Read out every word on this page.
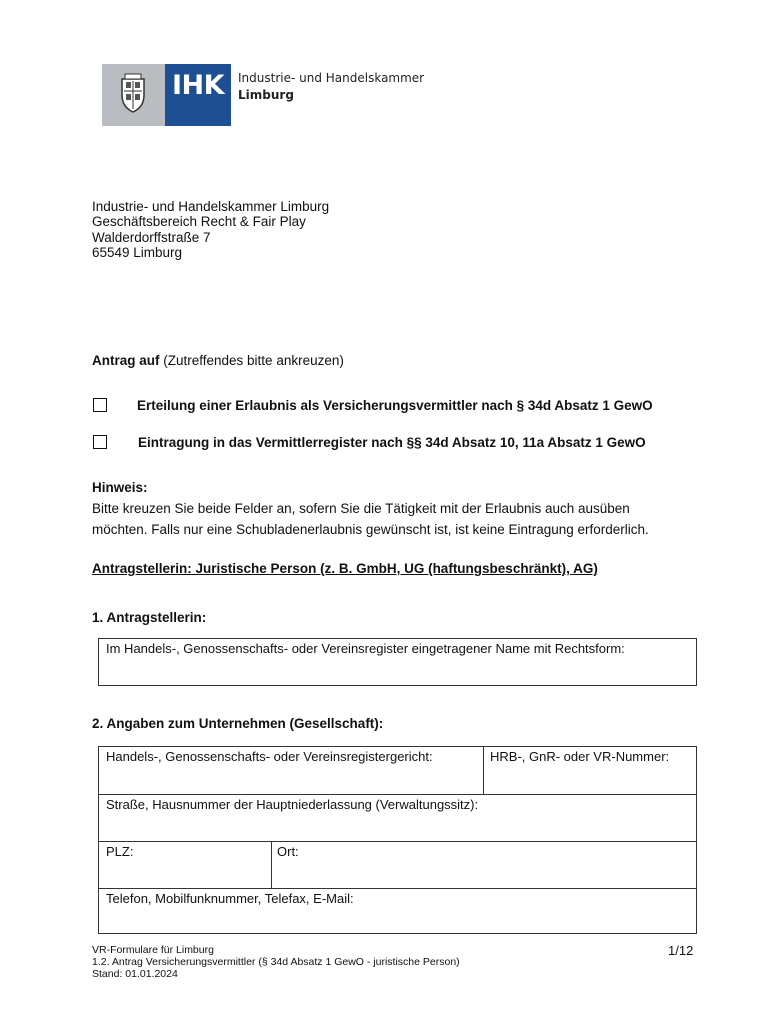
IHK	Industrie- und Handelskammer
Limburg
Industrie- und Handelskammer Limburg
Geschäftsbereich Recht & Fair Play
Walderdorffstraße 7
65549 Limburg
Antrag auf (Zutreffendes bitte ankreuzen)
Erteilung einer Erlaubnis als Versicherungsvermittler nach § 34d Absatz 1 GewO
Eintragung in das Vermittlerregister nach §§ 34d Absatz 10, 11a Absatz 1 GewO
Hinweis:
Bitte kreuzen Sie beide Felder an, sofern Sie die Tätigkeit mit der Erlaubnis auch ausüben
möchten. Falls nur eine Schubladenerlaubnis gewünscht ist, ist keine Eintragung erforderlich.
Antragstellerin: Juristische Person (z. B. GmbH, UG (haftungsbeschränkt), AG)
1. Antragstellerin:
Im Handels-, Genossenschafts- oder Vereinsregister eingetragener Name mit Rechtsform:
2. Angaben zum Unternehmen (Gesellschaft):
Handels-, Genossenschafts- oder Vereinsregistergericht:	HRB-, GnR- oder VR-Nummer:
Straße, Hausnummer der Hauptniederlassung (Verwaltungssitz):
PLZ:	Ort:
Telefon, Mobilfunknummer, Telefax, E-Mail:
VR-Formulare für Limburg
1.2. Antrag Versicherungsvermittler (§ 34d Absatz 1 GewO - juristische Person)
Stand: 01.01.2024
1/12
